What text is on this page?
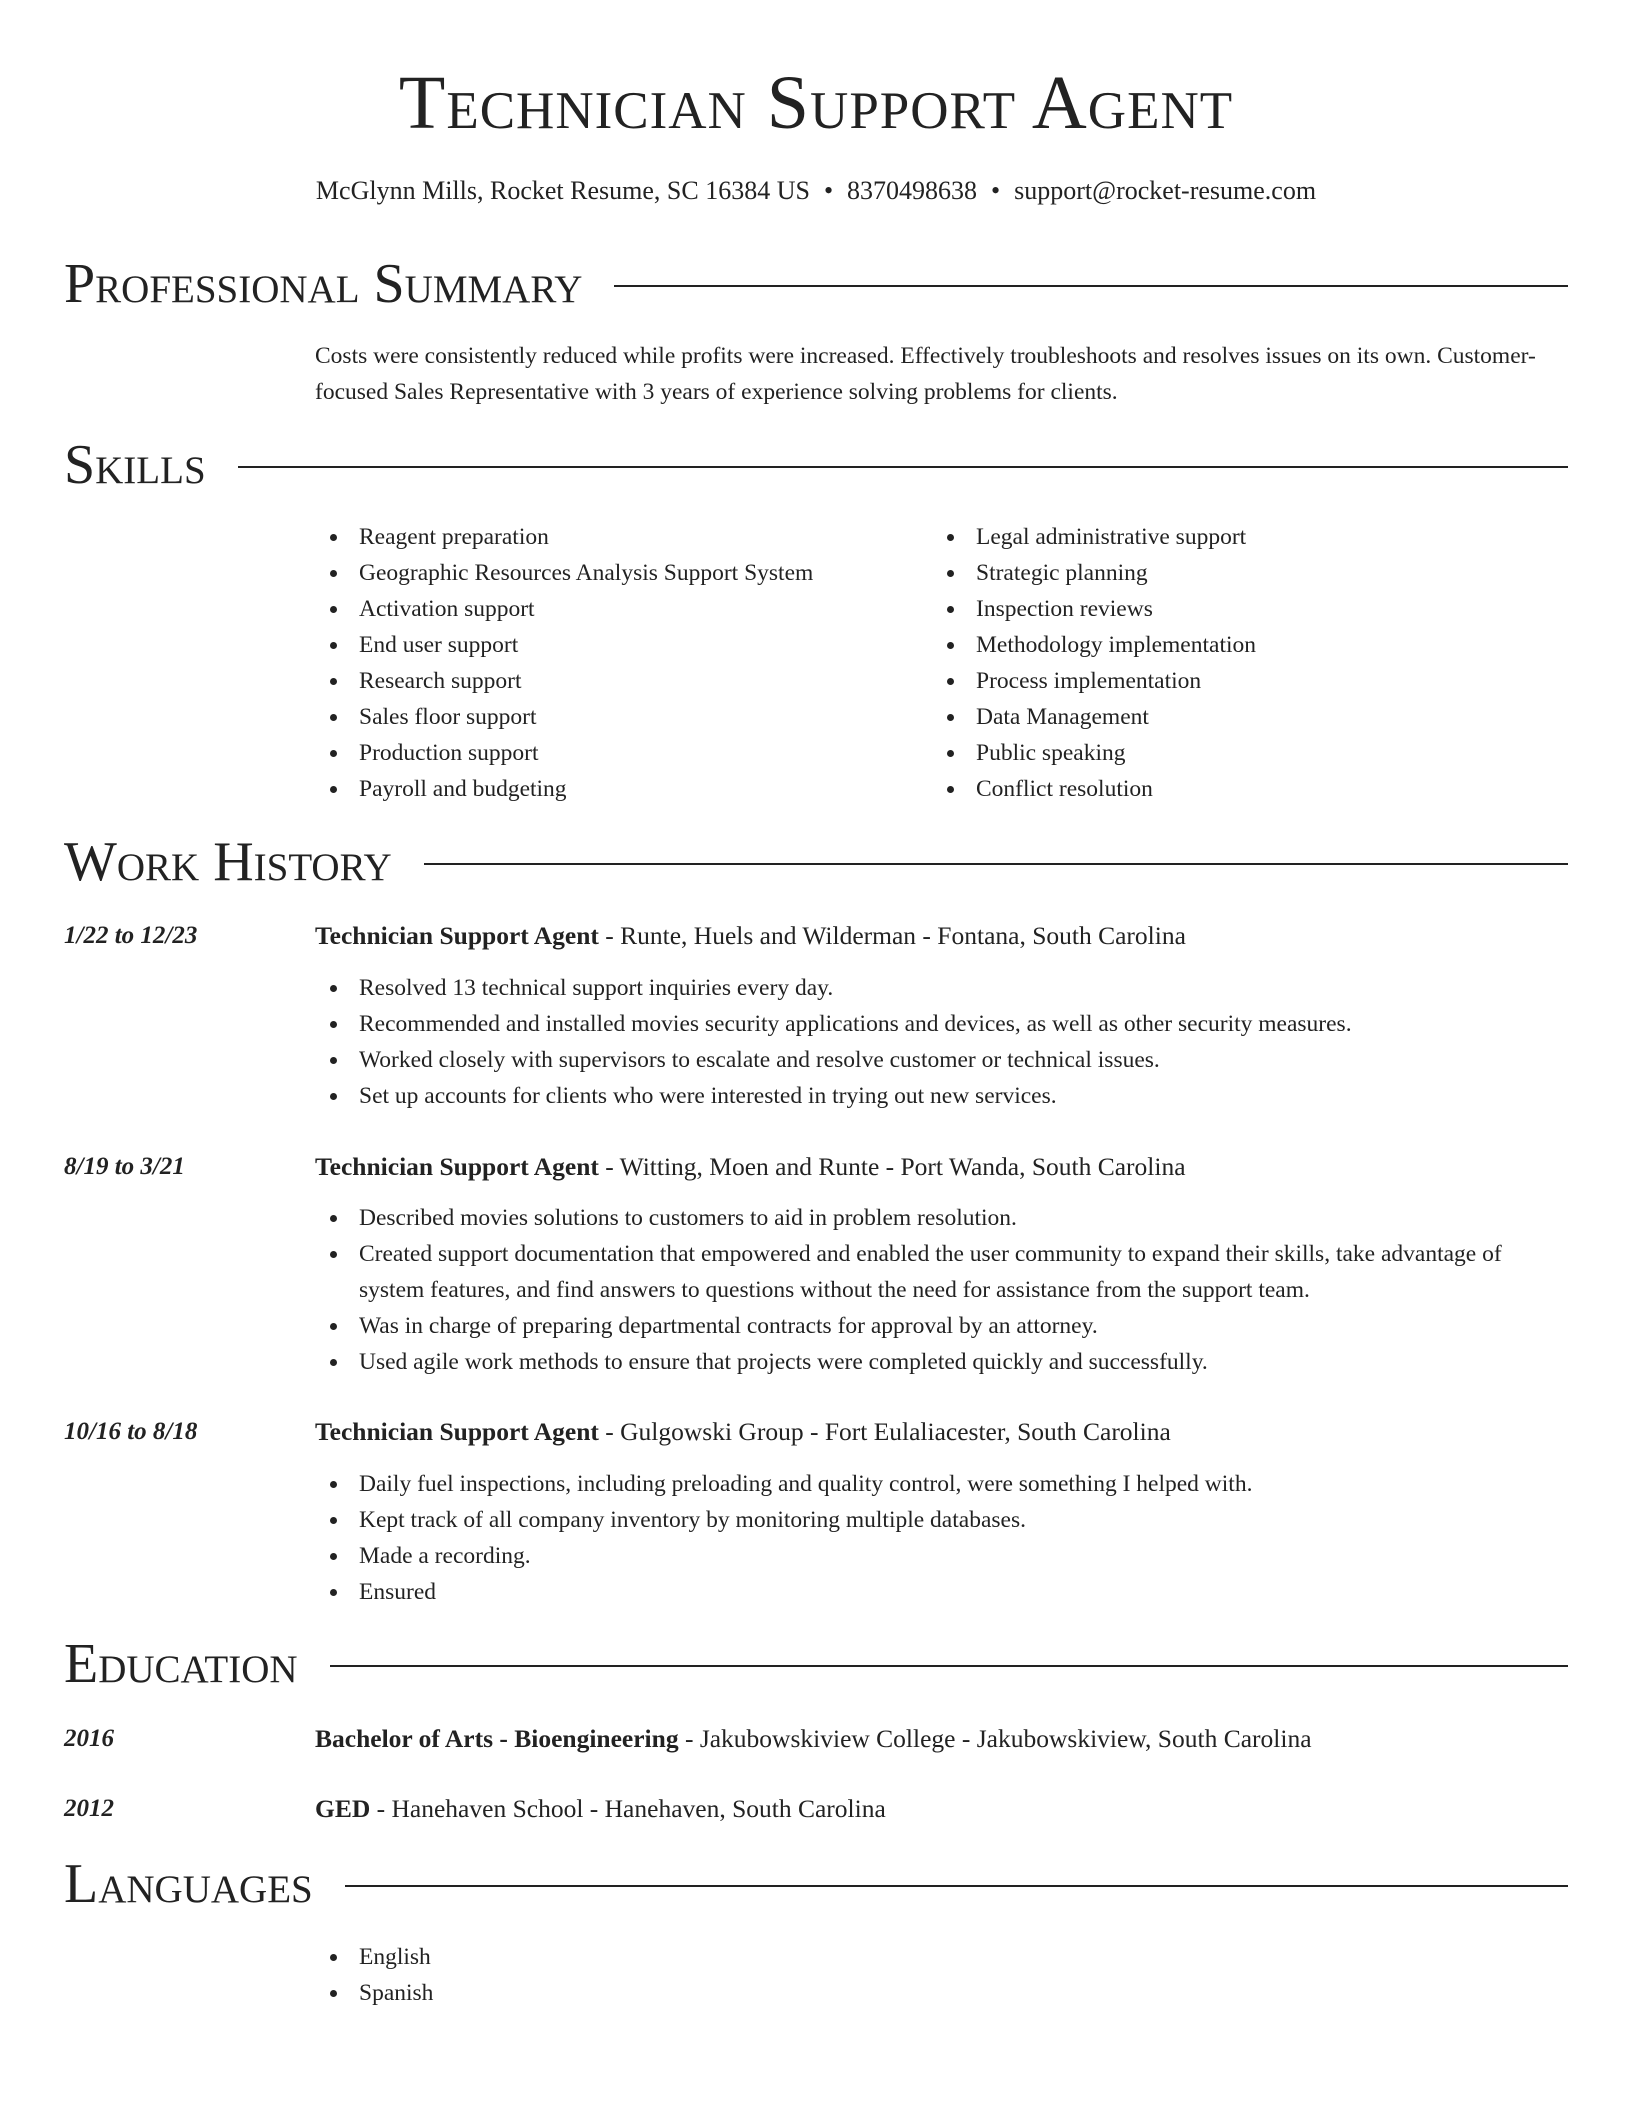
Technician Support Agent
McGlynn Mills, Rocket Resume, SC 16384 US • 8370498638 • support@rocket-resume.com
Professional Summary

Costs were consistently reduced while profits were increased. Effectively troubleshoots and resolves issues on its own. Customer-focused Sales Representative with 3 years of experience solving problems for clients.

Skills
Reagent preparation
Geographic Resources Analysis Support System
Activation support
End user support
Research support
Sales floor support
Production support
Payroll and budgeting
Legal administrative support
Strategic planning
Inspection reviews
Methodology implementation
Process implementation
Data Management
Public speaking
Conflict resolution
Work History
1/22 to 12/23	Technician Support Agent - Runte, Huels and Wilderman - Fontana, South Carolina
Resolved 13 technical support inquiries every day.
Recommended and installed movies security applications and devices, as well as other security measures.
Worked closely with supervisors to escalate and resolve customer or technical issues.
Set up accounts for clients who were interested in trying out new services.
8/19 to 3/21	Technician Support Agent - Witting, Moen and Runte - Port Wanda, South Carolina
Described movies solutions to customers to aid in problem resolution.
Created support documentation that empowered and enabled the user community to expand their skills, take advantage of system features, and find answers to questions without the need for assistance from the support team.
Was in charge of preparing departmental contracts for approval by an attorney.
Used agile work methods to ensure that projects were completed quickly and successfully.
10/16 to 8/18	Technician Support Agent - Gulgowski Group - Fort Eulaliacester, South Carolina
Daily fuel inspections, including preloading and quality control, were something I helped with.
Kept track of all company inventory by monitoring multiple databases.
Made a recording.
Ensured
Education
2016	Bachelor of Arts - Bioengineering - Jakubowskiview College - Jakubowskiview, South Carolina
2012	GED - Hanehaven School - Hanehaven, South Carolina
Languages
English
Spanish
